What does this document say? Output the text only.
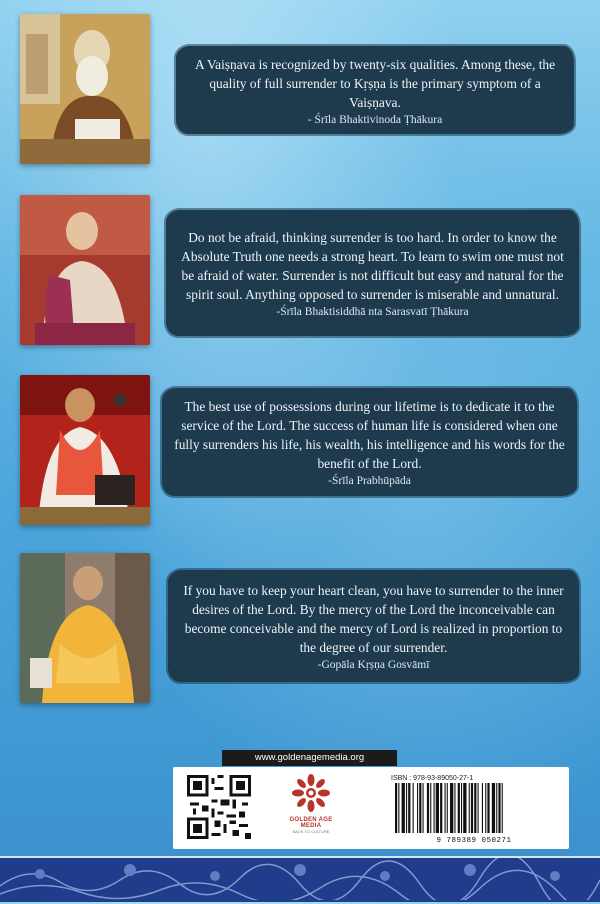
A Vaiṣṇava is recognized by twenty-six qualities. Among these, the quality of full surrender to Kṛṣṇa is the primary symptom of a Vaiṣṇava.

- Śrīla Bhaktivinoda Ṭhākura

Do not be afraid, thinking surrender is too hard. In order to know the Absolute Truth one needs a strong heart. To learn to swim one must not be afraid of water. Surrender is not difficult but easy and natural for the spirit soul. Anything opposed to surrender is miserable and unnatural.

-Śrīla Bhaktisiddhā nta Sarasvatī Ṭhākura

The best use of possessions during our lifetime is to dedicate it to the service of the Lord. The success of human life is considered when one fully surrenders his life, his wealth, his intelligence and his words for the benefit of the Lord.

-Śrīla Prabhūpāda

If you have to keep your heart clean, you have to surrender to the inner desires of the Lord. By the mercy of the Lord the inconceivable can become conceivable and the mercy of Lord is realized in proportion to the degree of our surrender.

-Gopāla Kṛṣṇa Gosvāmī
www.goldenagemedia.org
GOLDEN AGE
MEDIA
BACK TO CULTURE
ISBN : 978-93-89050-27-1
9 789389 050271
